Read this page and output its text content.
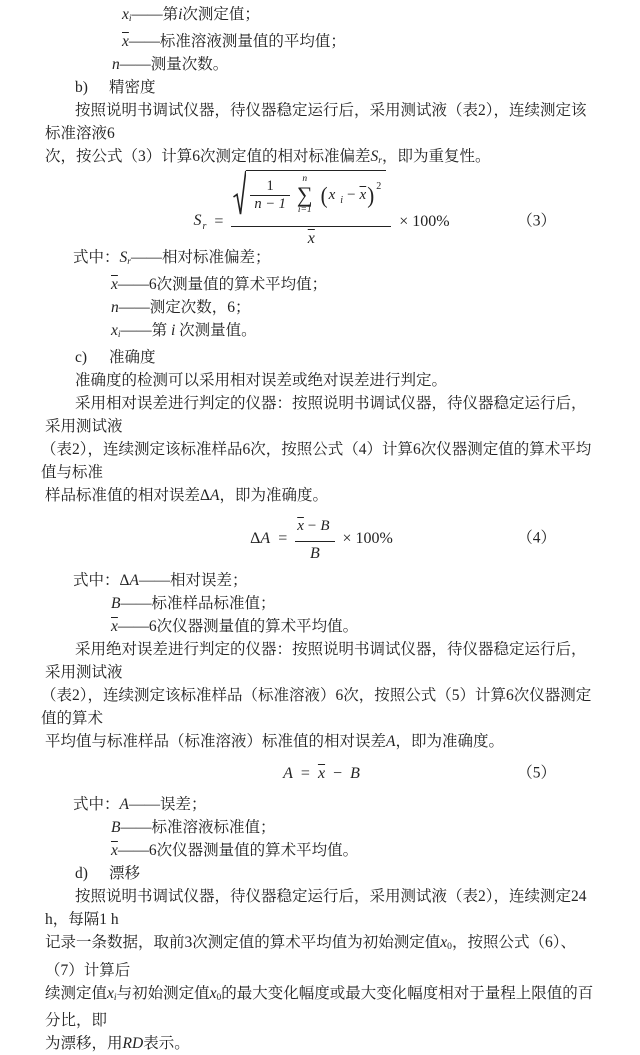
xi——第i次测定值；
$\overline{x}——$标准溶液测量值的平均值；
n——测量次数。
b) 精密度
按照说明书调试仪器，待仪器稳定运行后，采用测试液（表2），连续测定该标准溶液6
次，按公式（3）计算6次测定值的相对标准偏差Sr，即为重复性。
$S_r$ =
$\frac{1}{n - 1}$ n
∑
i=1
( x $i - \overline{x}$ ) 2
$\overline{x}$
× 100%	（3）
式中：Sr——相对标准偏差；
$\overline{x}——6$次测量值的算术平均值；
n——测定次数，6；
xi——第 i 次测量值。
c) 准确度
准确度的检测可以采用相对误差或绝对误差进行判定。
采用相对误差进行判定的仪器：按照说明书调试仪器，待仪器稳定运行后，采用测试液
（表2），连续测定该标准样品6次，按照公式（4）计算6次仪器测定值的算术平均值与标准
样品标准值的相对误差ΔA，即为准确度。
$\Delta A = \frac{\overline{x} - B}{B} \times 100\%$	（4）
式中：ΔA——相对误差；
B——标准样品标准值；
$\overline{x}——6$次仪器测量值的算术平均值。
采用绝对误差进行判定的仪器：按照说明书调试仪器，待仪器稳定运行后，采用测试液
（表2），连续测定该标准样品（标准溶液）6次，按照公式（5）计算6次仪器测定值的算术
平均值与标准样品（标准溶液）标准值的相对误差A，即为准确度。
$A = \overline{x} - B$	（5）
式中：A——误差；
B——标准溶液标准值；
$\overline{x}——6$次仪器测量值的算术平均值。
d) 漂移
按照说明书调试仪器，待仪器稳定运行后，采用测试液（表2），连续测定24 h，每隔1 h
记录一条数据，取前3次测定值的算术平均值为初始测定值x0，按照公式（6）、（7）计算后
续测定值xi与初始测定值x0的最大变化幅度或最大变化幅度相对于量程上限值的百分比，即
为漂移，用RD表示。
